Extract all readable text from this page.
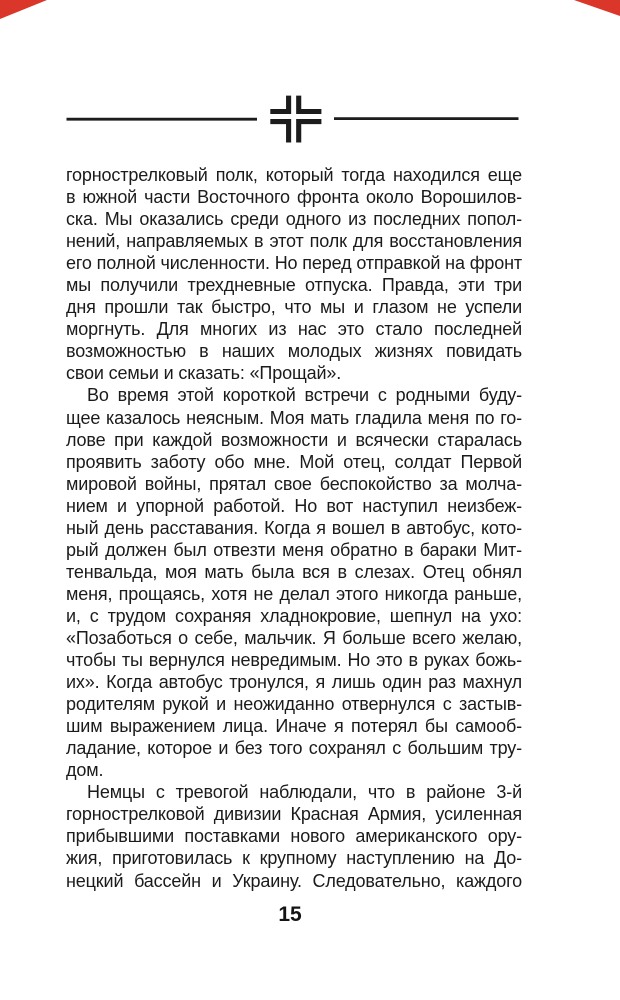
горнострелковый полк, который тогда находился еще
в южной части Восточного фронта около Ворошилов-
ска. Мы оказались среди одного из последних попол-
нений, направляемых в этот полк для восстановления
его полной численности. Но перед отправкой на фронт
мы получили трехдневные отпуска. Правда, эти три
дня прошли так быстро, что мы и глазом не успели
моргнуть. Для многих из нас это стало последней
возможностью в наших молодых жизнях повидать
свои семьи и сказать: «Прощай».
Во время этой короткой встречи с родными буду-
щее казалось неясным. Моя мать гладила меня по го-
лове при каждой возможности и всячески старалась
проявить заботу обо мне. Мой отец, солдат Первой
мировой войны, прятал свое беспокойство за молча-
нием и упорной работой. Но вот наступил неизбеж-
ный день расставания. Когда я вошел в автобус, кото-
рый должен был отвезти меня обратно в бараки Мит-
тенвальда, моя мать была вся в слезах. Отец обнял
меня, прощаясь, хотя не делал этого никогда раньше,
и, с трудом сохраняя хладнокровие, шепнул на ухо:
«Позаботься о себе, мальчик. Я больше всего желаю,
чтобы ты вернулся невредимым. Но это в руках божь-
их». Когда автобус тронулся, я лишь один раз махнул
родителям рукой и неожиданно отвернулся с застыв-
шим выражением лица. Иначе я потерял бы самооб-
ладание, которое и без того сохранял с большим тру-
дом.
Немцы с тревогой наблюдали, что в районе 3-й
горнострелковой дивизии Красная Армия, усиленная
прибывшими поставками нового американского ору-
жия, приготовилась к крупному наступлению на До-
нецкий бассейн и Украину. Следовательно, каждого
15
